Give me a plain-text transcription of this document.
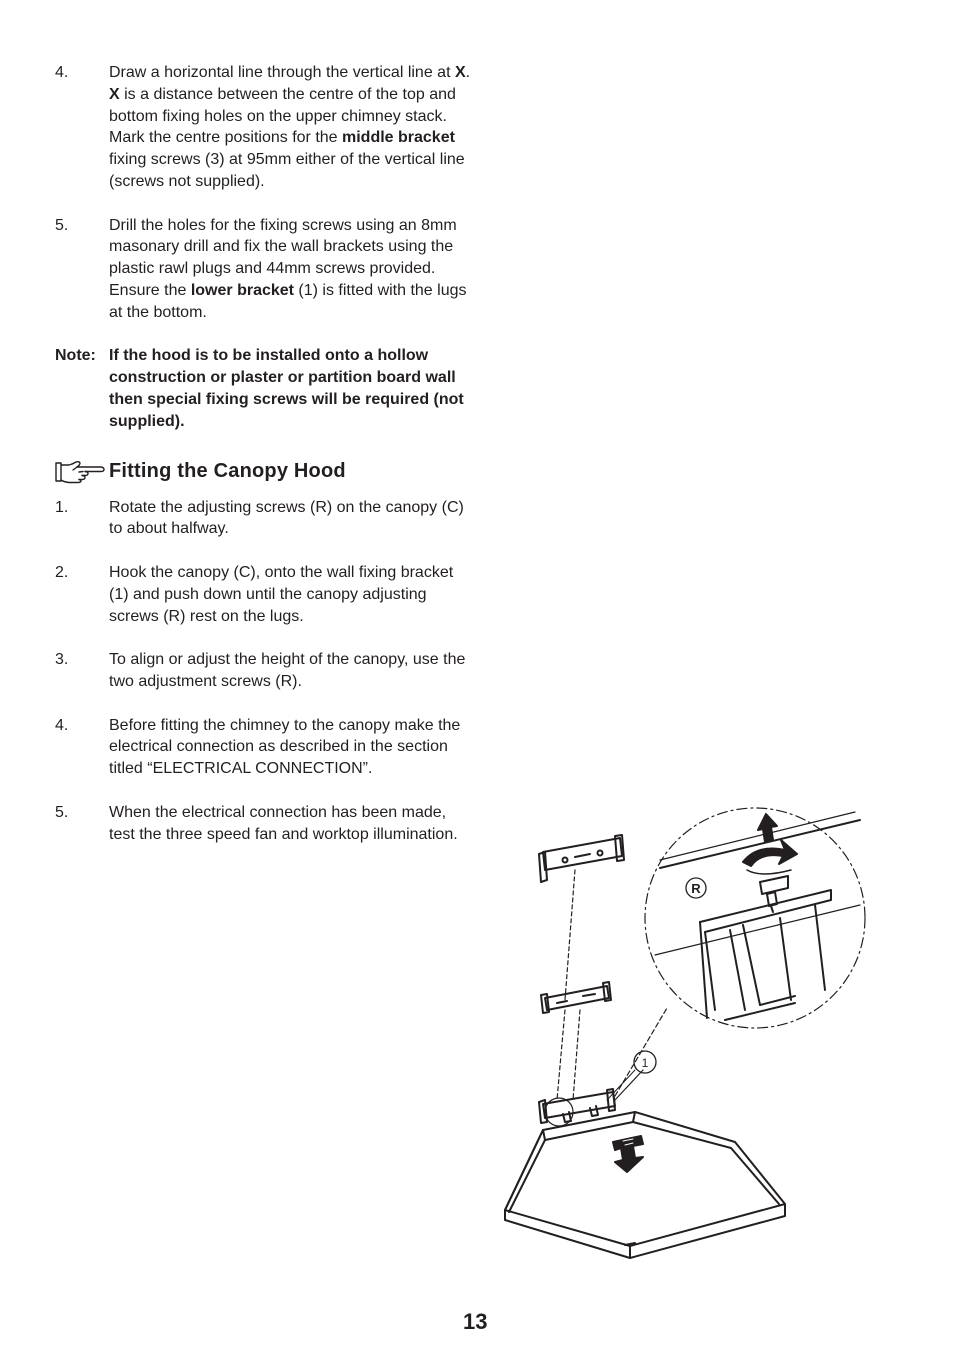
4.	Draw a horizontal line through the vertical line at X. X is a distance between the centre of the top and bottom fixing holes on the upper chimney stack. Mark the centre positions for the middle bracket fixing screws (3) at 95mm either of the vertical line (screws not supplied).
5.	Drill the holes for the fixing screws using an 8mm masonary drill and fix the wall brackets using the plastic rawl plugs and 44mm screws provided. Ensure the lower bracket (1) is fitted with the lugs at the bottom.
Note: If the hood is to be installed onto a hollow construction or plaster or partition board wall then special fixing screws will be required (not supplied).
Fitting the Canopy Hood
1.	Rotate the adjusting screws (R) on the canopy (C) to about halfway.
2.	Hook the canopy (C), onto the wall fixing bracket (1) and push down until the canopy adjusting screws (R) rest on the lugs.
3.	To align or adjust the height of the canopy, use the two adjustment screws (R).
4.	Before fitting the chimney to the canopy make the electrical connection as described in the section titled “ELECTRICAL CONNECTION”.
5.	When the electrical connection has been made, test the three speed fan and worktop illumination.
R
1
13
